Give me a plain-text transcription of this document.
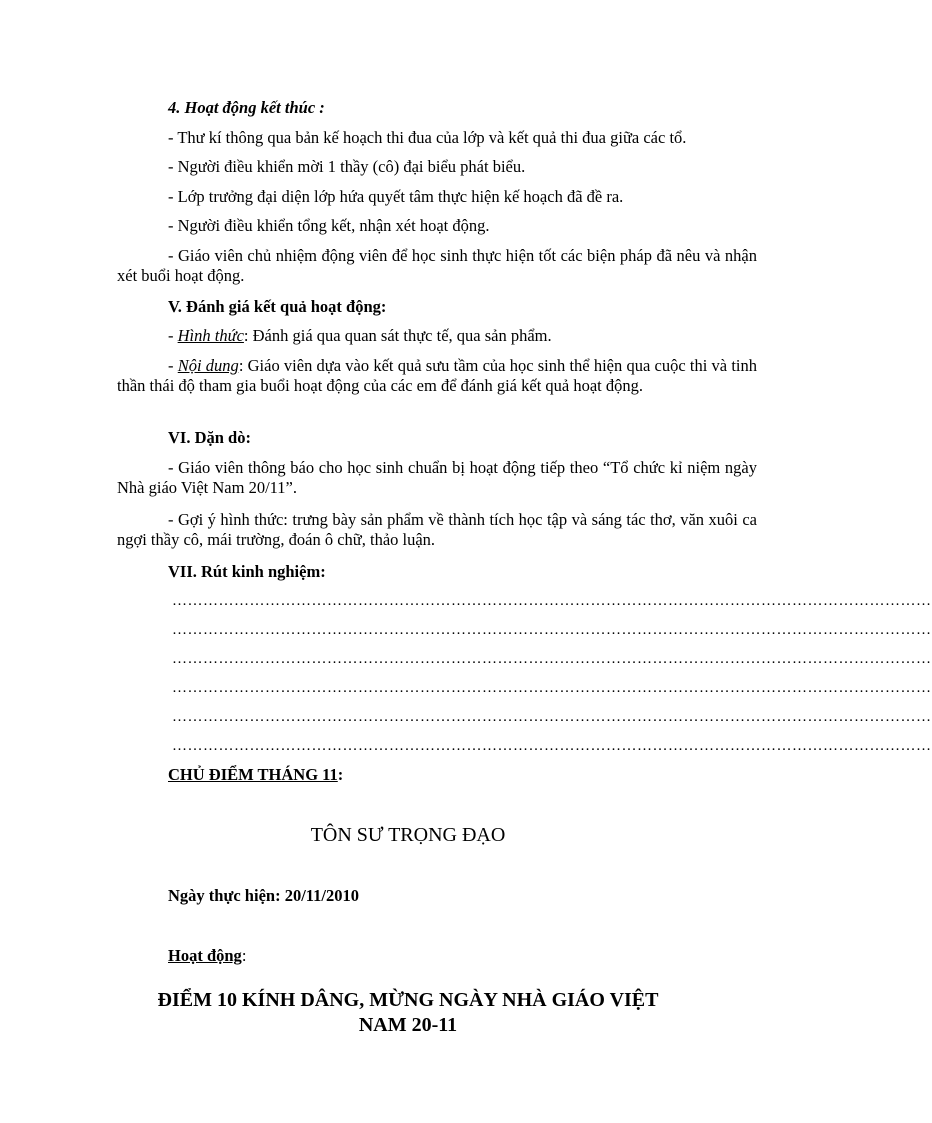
4. Hoạt động kết thúc :
- Thư kí thông qua bản kế hoạch thi đua của lớp và kết quả thi đua giữa các tổ.
- Người điều khiển mời 1 thầy (cô) đại biểu phát biểu.
- Lớp trưởng đại diện lớp hứa quyết tâm thực hiện kế hoạch đã đề ra.
- Người điều khiển tổng kết, nhận xét hoạt động.
- Giáo viên chủ nhiệm động viên để học sinh thực hiện tốt các biện pháp đã nêu và nhận xét buổi hoạt động.
V. Đánh giá kết quả hoạt động:
- Hình thức: Đánh giá qua quan sát thực tế, qua sản phẩm.
- Nội dung: Giáo viên dựa vào kết quả sưu tầm của học sinh thể hiện qua cuộc thi và tinh thần thái độ tham gia buổi hoạt động của các em để đánh giá kết quả hoạt động.
VI. Dặn dò:
- Giáo viên thông báo cho học sinh chuẩn bị hoạt động tiếp theo “Tổ chức kỉ niệm ngày Nhà giáo Việt Nam 20/11”.
- Gợi ý hình thức: trưng bày sản phẩm về thành tích học tập và sáng tác thơ, văn xuôi ca ngợi thầy cô, mái trường, đoán ô chữ, thảo luận.
VII. Rút kinh nghiệm:
…………………………………………………………………………………………………………………………………
…………………………………………………………………………………………………………………………………
…………………………………………………………………………………………………………………………………
…………………………………………………………………………………………………………………………………
…………………………………………………………………………………………………………………………………
…………………………………………………………………………………………………………………………………
CHỦ ĐIỂM THÁNG 11:
TÔN SƯ TRỌNG ĐẠO
Ngày thực hiện: 20/11/2010
Hoạt động:
ĐIỂM 10 KÍNH DÂNG, MỪNG NGÀY NHÀ GIÁO VIỆT
NAM 20-11
